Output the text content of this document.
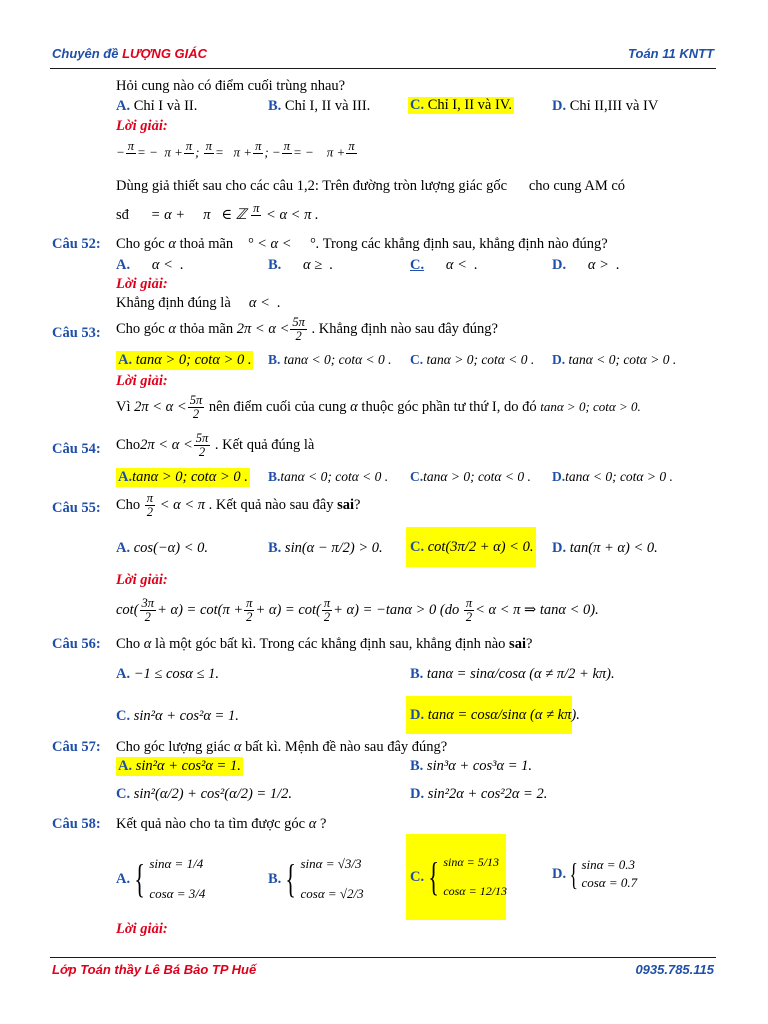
Chuyên đề LƯỢNG GIÁC	Toán 11 KNTT
Hỏi cung nào có điểm cuối trùng nhau?
A. Chỉ I và II.	B. Chỉ I, II và III.	C. Chỉ I, II và IV.	D. Chỉ II,III và IV
Lời giải:
− π
= −  π + π
; π
=   π + π
; − π
= −    π + π

Dùng giả thiết sau cho các câu 1,2: Trên đường tròn lượng giác gốc cho cung AM có
sđ = α +     π   ∈ ℤ π
< α < π .
Câu 52: Cho góc α thoả mãn ° < α <     °. Trong các khẳng định sau, khẳng định nào đúng?
A. α <  .	B. α ≥  .	C. α <  .	D. α >  .
Lời giải:
Khẳng định đúng là α <  .
Câu 53: Cho góc α thỏa mãn $2\pi < \alpha < \frac{5\pi}{2}$ . Khẳng định nào sau đây đúng?
A. tanα > 0; cotα > 0 . B. tanα < 0; cotα < 0 . C. tanα > 0; cotα < 0 . D. tanα < 0; cotα > 0 .
Lời giải:
Vì $2\pi < \alpha < \frac{5\pi}{2}$ nên điểm cuối của cung α thuộc góc phần tư thứ I, do đó tanα > 0; cotα > 0.
Câu 54: $Cho2\pi < \alpha < \frac{5\pi}{2}$ . Kết quả đúng là
A.tanα > 0; cotα > 0 . B.tanα < 0; cotα < 0 . C.tanα > 0; cotα < 0 . D.tanα < 0; cotα > 0 .
Câu 55: Cho $\frac{\pi}{2} < \alpha < \pi$ . Kết quả nào sau đây sai?
A. cos(−α) < 0.	B. sin(α − π/2) > 0. C. cot(3π/2 + α) < 0. D. tan(π + α) < 0.
Lời giải:
$\cot( \frac{3\pi}{2} + \alpha) = \cot(\pi + \frac{\pi}{2} + \alpha) = \cot( \frac{\pi}{2} + \alpha) = -\tan\alpha > 0$ ($do \frac{\pi}{2} < \alpha < \pi$ ⇒ tanα < 0).
Câu 56: Cho α là một góc bất kì. Trong các khẳng định sau, khẳng định nào sai?
A. −1 ≤ cosα ≤ 1.	B. tanα = sinα/cosα (α ≠ π/2 + kπ).
C. sin²α + cos²α = 1.	D. tanα = cosα/sinα (α ≠ kπ).
Câu 57: Cho góc lượng giác α bất kì. Mệnh đề nào sau đây đúng?
A. sin²α + cos²α = 1.	B. sin³α + cos³α = 1.
C. sin²(α/2) + cos²(α/2) = 1/2.	D. sin²2α + cos²2α = 2.
Câu 58: Kết quả nào cho ta tìm được góc α ?
A. { sinα = 1/4
cosα = 3/4
B. { sinα = √3/3
cosα = √2/3
C. { sinα = 5/13
cosα = 12/13
D. { sinα = 0.3
cosα = 0.7
Lời giải:
Lớp Toán thầy Lê Bá Bảo TP Huế	0935.785.115
